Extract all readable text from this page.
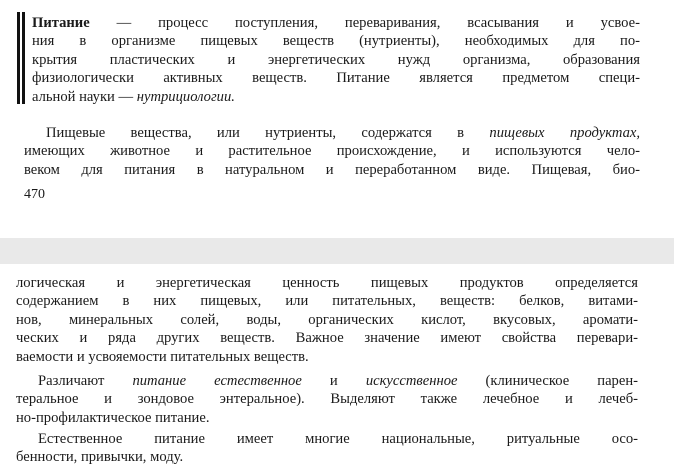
Питание — процесс поступления, переваривания, всасывания и усвое-
ния в организме пищевых веществ (нутриенты), необходимых для по-
крытия пластических и энергетических нужд организма, образования
физиологически активных веществ. Питание является предметом специ-
альной науки — нутрициологии.

Пищевые вещества, или нутриенты, содержатся в пищевых продуктах,
имеющих животное и растительное происхождение, и используются чело-
веком для питания в натуральном и переработанном виде. Пищевая, био-

470

логическая и энергетическая ценность пищевых продуктов определяется
содержанием в них пищевых, или питательных, веществ: белков, витами-
нов, минеральных солей, воды, органических кислот, вкусовых, аромати-
ческих и ряда других веществ. Важное значение имеют свойства перевари-
ваемости и усвояемости питательных веществ.

Различают питание естественное и искусственное (клиническое парен-
теральное и зондовое энтеральное). Выделяют также лечебное и лечеб-
но-профилактическое питание.

Естественное питание имеет многие национальные, ритуальные осо-
бенности, привычки, моду.
